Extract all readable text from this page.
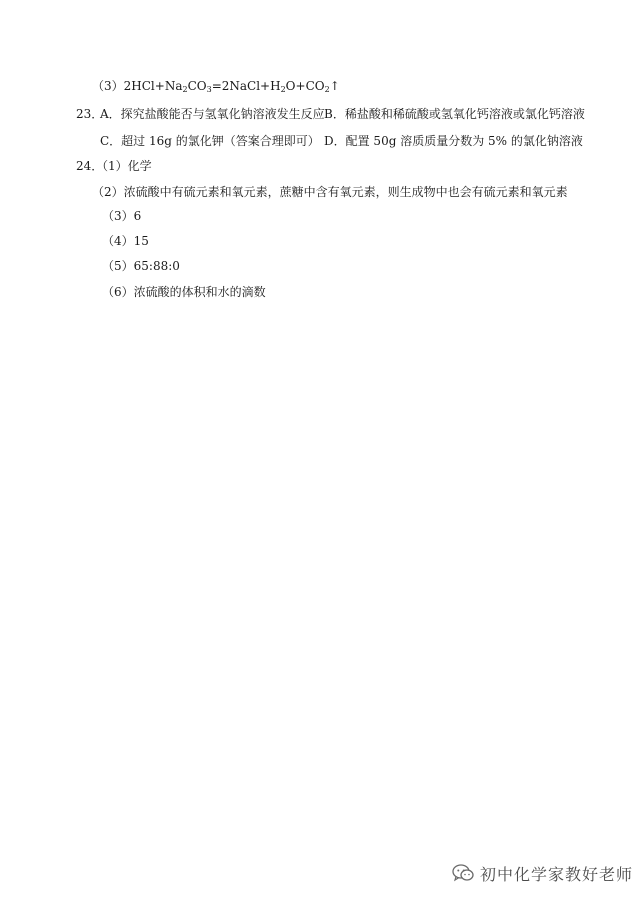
$(3)2HCl+Na_2CO_3=2NaCl+H_2O+CO_2↑$
23．
A．探究盐酸能否与氢氧化钠溶液发生反应 B．稀盐酸和稀硫酸或氢氧化钙溶液或氯化钙溶液
C．超过 16g 的氯化钾（答案合理即可） D．配置 50g 溶质质量分数为 5% 的氯化钠溶液
24．
（1）化学
（2）浓硫酸中有硫元素和氧元素，蔗糖中含有氧元素，则生成物中也会有硫元素和氧元素
（3）6
（4）15
（5）65:88:0
（6）浓硫酸的体积和水的滴数
初中化学家教好老师
